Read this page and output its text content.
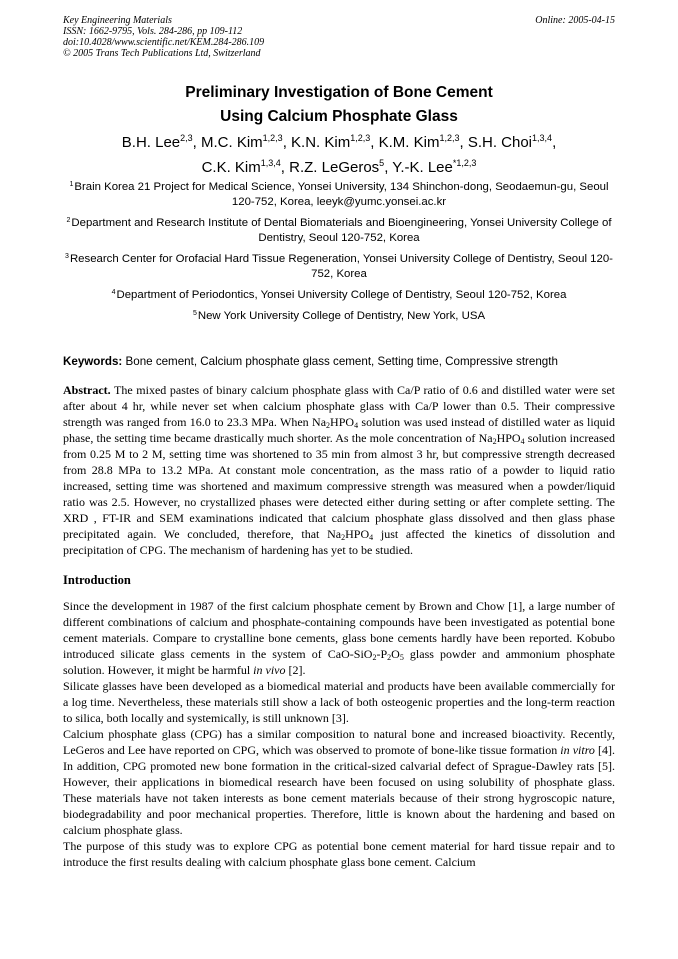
Key Engineering Materials
ISSN: 1662-9795, Vols. 284-286, pp 109-112
doi:10.4028/www.scientific.net/KEM.284-286.109
© 2005 Trans Tech Publications Ltd, Switzerland
Online: 2005-04-15
Preliminary Investigation of Bone Cement
Using Calcium Phosphate Glass
B.H. Lee$^{2,3}$, M.C. Kim$^{1,2,3}$, K.N. Kim$^{1,2,3}$, K.M. Kim$^{1,2,3}$, S.H. Choi$^{1,3,4}$,
C.K. Kim$^{1,3,4}$, R.Z. LeGeros$^5$, Y.-K. Lee$^{*1,2,3}$

$^1$Brain Korea 21 Project for Medical Science, Yonsei University, 134 Shinchon-dong, Seodaemun-gu, Seoul 120-752, Korea, leeyk@yumc.yonsei.ac.kr

$^2$Department and Research Institute of Dental Biomaterials and Bioengineering, Yonsei University College of Dentistry, Seoul 120-752, Korea

$^3$Research Center for Orofacial Hard Tissue Regeneration, Yonsei University College of Dentistry, Seoul 120-752, Korea

$^4$Department of Periodontics, Yonsei University College of Dentistry, Seoul 120-752, Korea

$^5$New York University College of Dentistry, New York, USA

Keywords: Bone cement, Calcium phosphate glass cement, Setting time, Compressive strength

Abstract. The mixed pastes of binary calcium phosphate glass with Ca/P ratio of 0.6 and distilled water were set after about 4 hr, while never set when calcium phosphate glass with Ca/P lower than 0.5. Their compressive strength was ranged from 16.0 to 23.3 MPa. When $Na_2HPO_4$ solution was used instead of distilled water as liquid phase, the setting time became drastically much shorter. As the mole concentration of $Na_2HPO_4$ solution increased from 0.25 M to 2 M, setting time was shortened to 35 min from almost 3 hr, but compressive strength decreased from 28.8 MPa to 13.2 MPa. At constant mole concentration, as the mass ratio of a powder to liquid ratio increased, setting time was shortened and maximum compressive strength was measured when a powder/liquid ratio was 2.5. However, no crystallized phases were detected either during setting or after complete setting. The XRD , FT-IR and SEM examinations indicated that calcium phosphate glass dissolved and then glass phase precipitated again. We concluded, therefore, that $Na_2HPO_4$ just affected the kinetics of dissolution and precipitation of CPG. The mechanism of hardening has yet to be studied.

Introduction

Since the development in 1987 of the first calcium phosphate cement by Brown and Chow [1], a large number of different combinations of calcium and phosphate-containing compounds have been investigated as potential bone cement materials. Compare to crystalline bone cements, glass bone cements hardly have been reported. Kobubo introduced silicate glass cements in the system of CaO-$SiO_2-P_2O_5$ glass powder and ammonium phosphate solution. However, it might be harmful in vivo [2].

Silicate glasses have been developed as a biomedical material and products have been available commercially for a log time. Nevertheless, these materials still show a lack of both osteogenic properties and the long-term reaction to silica, both locally and systemically, is still unknown [3].

Calcium phosphate glass (CPG) has a similar composition to natural bone and increased bioactivity. Recently, LeGeros and Lee have reported on CPG, which was observed to promote of bone-like tissue formation in vitro [4]. In addition, CPG promoted new bone formation in the critical-sized calvarial defect of Sprague-Dawley rats [5]. However, their applications in biomedical research have been focused on using solubility of phosphate glass. These materials have not taken interests as bone cement materials because of their strong hygroscopic nature, biodegradability and poor mechanical properties. Therefore, little is known about the hardening and based on calcium phosphate glass.

The purpose of this study was to explore CPG as potential bone cement material for hard tissue repair and to introduce the first results dealing with calcium phosphate glass bone cement. Calcium
